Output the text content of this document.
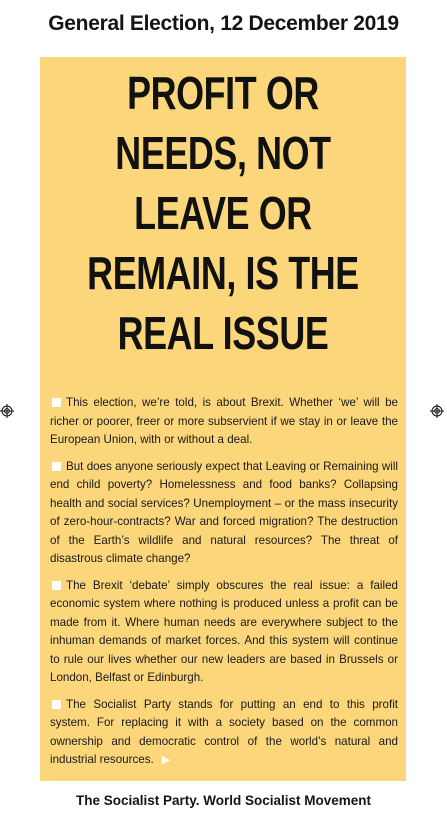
General Election, 12 December 2019
PROFIT OR
NEEDS, NOT
LEAVE OR
REMAIN, IS THE
REAL ISSUE

This election, we’re told, is about Brexit. Whether ‘we’ will be richer or poorer, freer or more subservient if we stay in or leave the European Union, with or without a deal.

But does anyone seriously expect that Leaving or Remaining will end child poverty? Homelessness and food banks? Collapsing health and social services? Unemployment – or the mass insecurity of zero-hour-contracts? War and forced migration? The destruction of the Earth’s wildlife and natural resources? The threat of disastrous climate change?

The Brexit ‘debate’ simply obscures the real issue: a failed economic system where nothing is produced unless a profit can be made from it. Where human needs are everywhere subject to the inhuman demands of market forces. And this system will continue to rule our lives whether our new leaders are based in Brussels or London, Belfast or Edinburgh.

The Socialist Party stands for putting an end to this profit system. For replacing it with a society based on the common ownership and democratic control of the world’s natural and industrial resources. ▶

The Socialist Party. World Socialist Movement
